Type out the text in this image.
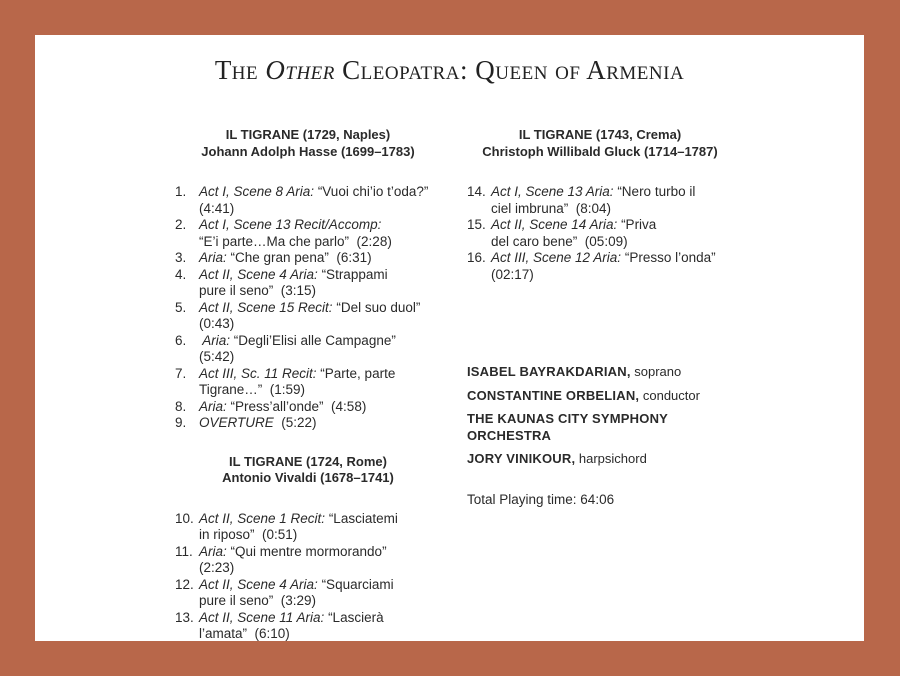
The Other Cleopatra: Queen of Armenia
IL TIGRANE (1729, Naples)
Johann Adolph Hasse (1699–1783)
1. Act I, Scene 8 Aria: “Vuoi chi’io t’oda?”
(4:41)
2. Act I, Scene 13 Recit/Accomp:
“E’i parte…Ma che parlo”  (2:28)
3. Aria: “Che gran pena”  (6:31)
4. Act II, Scene 4 Aria: “Strappami
pure il seno”  (3:15)
5. Act II, Scene 15 Recit: “Del suo duol”
(0:43)
6. Aria: “Degli’Elisi alle Campagne”
(5:42)
7. Act III, Sc. 11 Recit: “Parte, parte
Tigrane…”  (1:59)
8. Aria: “Press’all’onde”  (4:58)
9. OVERTURE  (5:22)
IL TIGRANE (1724, Rome)
Antonio Vivaldi (1678–1741)
10. Act II, Scene 1 Recit: “Lasciatemi
in riposo”  (0:51)
11. Aria: “Qui mentre mormorando”
(2:23)
12. Act II, Scene 4 Aria: “Squarciami
pure il seno”  (3:29)
13. Act II, Scene 11 Aria: “Lascierà
l’amata”  (6:10)
IL TIGRANE (1743, Crema)
Christoph Willibald Gluck (1714–1787)
14. Act I, Scene 13 Aria: “Nero turbo il
ciel imbruna”  (8:04)
15. Act II, Scene 14 Aria: “Priva
del caro bene”  (05:09)
16. Act III, Scene 12 Aria: “Presso l’onda”
(02:17)
ISABEL BAYRAKDARIAN, soprano
CONSTANTINE ORBELIAN, conductor
THE KAUNAS CITY SYMPHONY ORCHESTRA
JORY VINIKOUR, harpsichord
Total Playing time: 64:06
